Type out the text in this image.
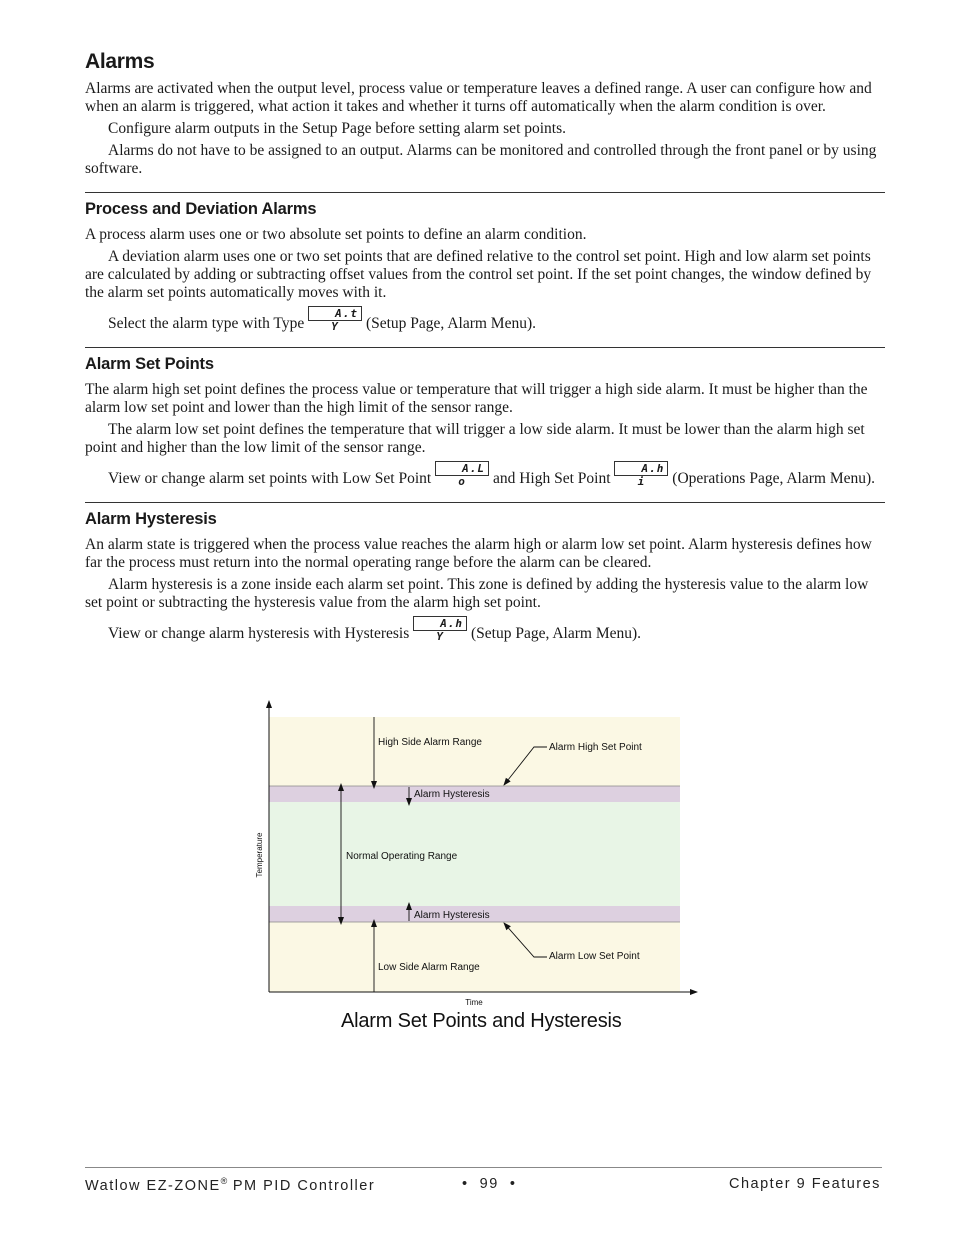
Alarms

Alarms are activated when the output level, process value or temperature leaves a defined range. A user can configure how and when an alarm is triggered, what action it takes and whether it turns off automatically when the alarm condition is over.

Configure alarm outputs in the Setup Page before setting alarm set points.

Alarms do not have to be assigned to an output. Alarms can be monitored and controlled through the front panel or by using software.

Process and Deviation Alarms

A process alarm uses one or two absolute set points to define an alarm condition.

A deviation alarm uses one or two set points that are defined relative to the control set point. High and low alarm set points are calculated by adding or subtracting offset values from the control set point. If the set point changes, the window defined by the alarm set points automatically moves with it.

Select the alarm type with Type A.t Y (Setup Page, Alarm Menu).

Alarm Set Points

The alarm high set point defines the process value or temperature that will trigger a high side alarm. It must be higher than the alarm low set point and lower than the high limit of the sensor range.

The alarm low set point defines the temperature that will trigger a low side alarm. It must be lower than the alarm high set point and higher than the low limit of the sensor range.

View or change alarm set points with Low Set Point A.L o and High Set Point A.h i (Operations Page, Alarm Menu).

Alarm Hysteresis

An alarm state is triggered when the process value reaches the alarm high or alarm low set point. Alarm hysteresis defines how far the process must return into the normal operating range before the alarm can be cleared.

Alarm hysteresis is a zone inside each alarm set point. This zone is defined by adding the hysteresis value to the alarm low set point or subtracting the hysteresis value from the alarm high set point.

View or change alarm hysteresis with Hysteresis A.h Y (Setup Page, Alarm Menu).

High Side Alarm Range	Alarm High Set Point
Alarm Hysteresis
Normal Operating Range
Alarm Hysteresis
Alarm Low Set Point
Low Side Alarm Range
Time
Temperature
Alarm Set Points and Hysteresis
Watlow EZ-ZONE® PM PID Controller	•  99  •	Chapter 9 Features
